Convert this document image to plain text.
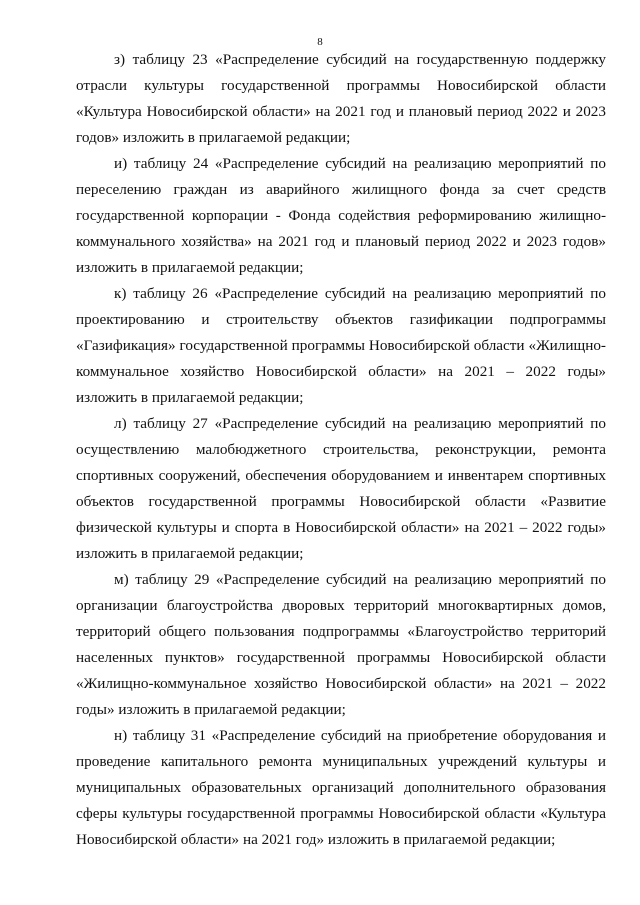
8

з) таблицу 23 «Распределение субсидий на государственную поддержку отрасли культуры государственной программы Новосибирской области «Культура Новосибирской области» на 2021 год и плановый период 2022 и 2023 годов» изложить в прилагаемой редакции;

и) таблицу 24 «Распределение субсидий на реализацию мероприятий по переселению граждан из аварийного жилищного фонда за счет средств государственной корпорации - Фонда содействия реформированию жилищно-коммунального хозяйства» на 2021 год и плановый период 2022 и 2023 годов» изложить в прилагаемой редакции;

к) таблицу 26 «Распределение субсидий на реализацию мероприятий по проектированию и строительству объектов газификации подпрограммы «Газификация» государственной программы Новосибирской области «Жилищно-коммунальное хозяйство Новосибирской области» на 2021 – 2022 годы» изложить в прилагаемой редакции;

л) таблицу 27 «Распределение субсидий на реализацию мероприятий по осуществлению малобюджетного строительства, реконструкции, ремонта спортивных сооружений, обеспечения оборудованием и инвентарем спортивных объектов государственной программы Новосибирской области «Развитие физической культуры и спорта в Новосибирской области» на 2021 – 2022 годы» изложить в прилагаемой редакции;

м) таблицу 29 «Распределение субсидий на реализацию мероприятий по организации благоустройства дворовых территорий многоквартирных домов, территорий общего пользования подпрограммы «Благоустройство территорий населенных пунктов» государственной программы Новосибирской области «Жилищно-коммунальное хозяйство Новосибирской области» на 2021 – 2022 годы» изложить в прилагаемой редакции;

н) таблицу 31 «Распределение субсидий на приобретение оборудования и проведение капитального ремонта муниципальных учреждений культуры и муниципальных образовательных организаций дополнительного образования сферы культуры государственной программы Новосибирской области «Культура Новосибирской области» на 2021 год» изложить в прилагаемой редакции;
